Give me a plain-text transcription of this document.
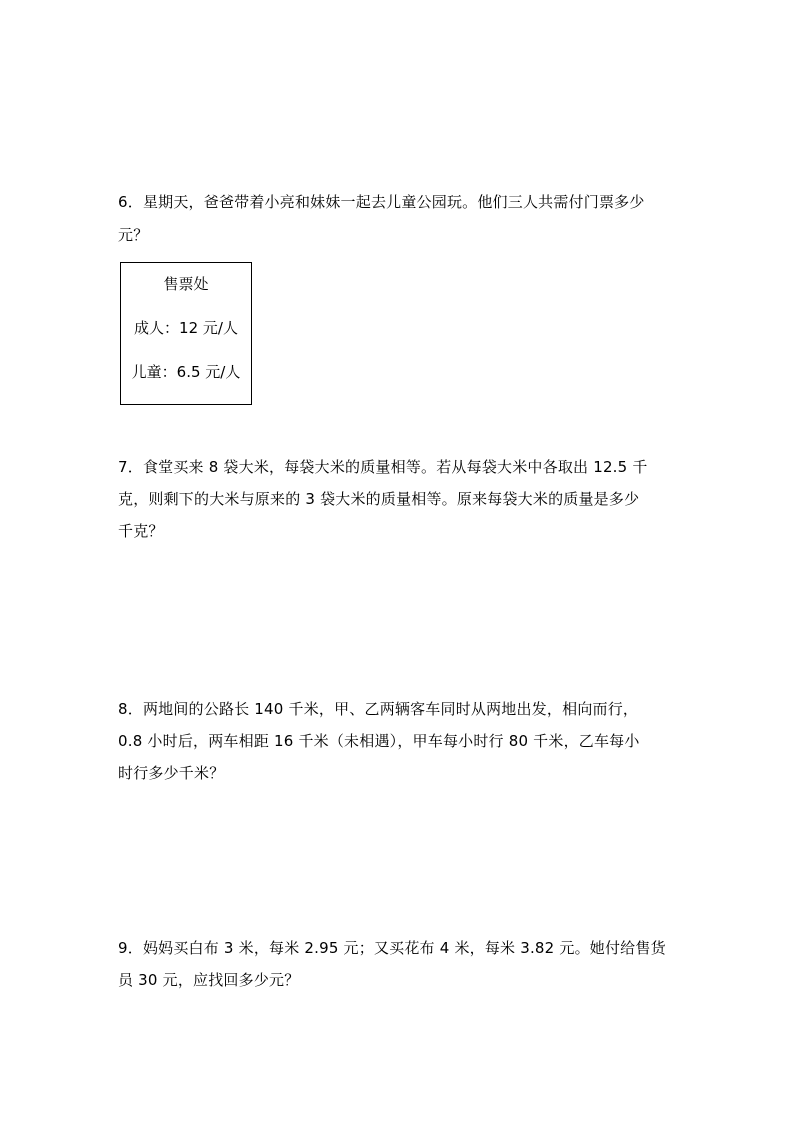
6．星期天，爸爸带着小亮和妹妹一起去儿童公园玩。他们三人共需付门票多少
元？
售票处
成人：12 元/人
儿童：6.5 元/人
7．食堂买来 8 袋大米，每袋大米的质量相等。若从每袋大米中各取出 12.5 千
克，则剩下的大米与原来的 3 袋大米的质量相等。原来每袋大米的质量是多少
千克？
8．两地间的公路长 140 千米，甲、乙两辆客车同时从两地出发，相向而行，
0.8 小时后，两车相距 16 千米（未相遇），甲车每小时行 80 千米，乙车每小
时行多少千米？
9．妈妈买白布 3 米，每米 2.95 元；又买花布 4 米，每米 3.82 元。她付给售货
员 30 元，应找回多少元？
